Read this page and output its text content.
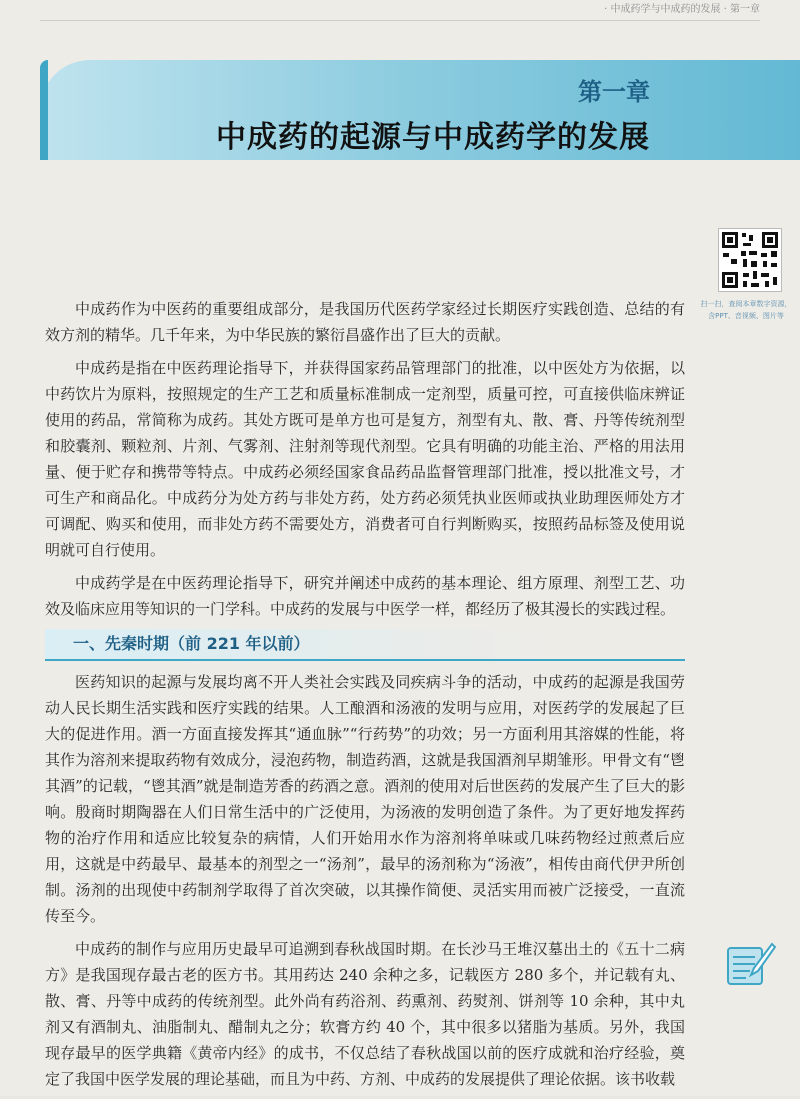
· 中成药学与中成药的发展 · 第一章
第一章
中成药的起源与中成药学的发展
扫一扫，查阅本章数字资源，
含PPT、音视频、图片等

中成药作为中医药的重要组成部分，是我国历代医药学家经过长期医疗实践创造、总结的有效方剂的精华。几千年来，为中华民族的繁衍昌盛作出了巨大的贡献。

中成药是指在中医药理论指导下，并获得国家药品管理部门的批准，以中医处方为依据，以中药饮片为原料，按照规定的生产工艺和质量标准制成一定剂型，质量可控，可直接供临床辨证使用的药品，常简称为成药。其处方既可是单方也可是复方，剂型有丸、散、膏、丹等传统剂型和胶囊剂、颗粒剂、片剂、气雾剂、注射剂等现代剂型。它具有明确的功能主治、严格的用法用量、便于贮存和携带等特点。中成药必须经国家食品药品监督管理部门批准，授以批准文号，才可生产和商品化。中成药分为处方药与非处方药，处方药必须凭执业医师或执业助理医师处方才可调配、购买和使用，而非处方药不需要处方，消费者可自行判断购买，按照药品标签及使用说明就可自行使用。

中成药学是在中医药理论指导下，研究并阐述中成药的基本理论、组方原理、剂型工艺、功效及临床应用等知识的一门学科。中成药的发展与中医学一样，都经历了极其漫长的实践过程。

一、先秦时期（前 221 年以前）

医药知识的起源与发展均离不开人类社会实践及同疾病斗争的活动，中成药的起源是我国劳动人民长期生活实践和医疗实践的结果。人工酿酒和汤液的发明与应用，对医药学的发展起了巨大的促进作用。酒一方面直接发挥其“通血脉”“行药势”的功效；另一方面利用其溶媒的性能，将其作为溶剂来提取药物有效成分，浸泡药物，制造药酒，这就是我国酒剂早期雏形。甲骨文有“鬯其酒”的记载，“鬯其酒”就是制造芳香的药酒之意。酒剂的使用对后世医药的发展产生了巨大的影响。殷商时期陶器在人们日常生活中的广泛使用，为汤液的发明创造了条件。为了更好地发挥药物的治疗作用和适应比较复杂的病情，人们开始用水作为溶剂将单味或几味药物经过煎煮后应用，这就是中药最早、最基本的剂型之一“汤剂”，最早的汤剂称为“汤液”，相传由商代伊尹所创制。汤剂的出现使中药制剂学取得了首次突破，以其操作简便、灵活实用而被广泛接受，一直流传至今。

中成药的制作与应用历史最早可追溯到春秋战国时期。在长沙马王堆汉墓出土的《五十二病方》是我国现存最古老的医方书。其用药达 240 余种之多，记载医方 280 多个，并记载有丸、散、膏、丹等中成药的传统剂型。此外尚有药浴剂、药熏剂、药熨剂、饼剂等 10 余种，其中丸剂又有酒制丸、油脂制丸、醋制丸之分；软膏方约 40 个，其中很多以猪脂为基质。另外，我国现存最早的医学典籍《黄帝内经》的成书，不仅总结了春秋战国以前的医疗成就和治疗经验，奠定了我国中医学发展的理论基础，而且为中药、方剂、中成药的发展提供了理论依据。该书收载
